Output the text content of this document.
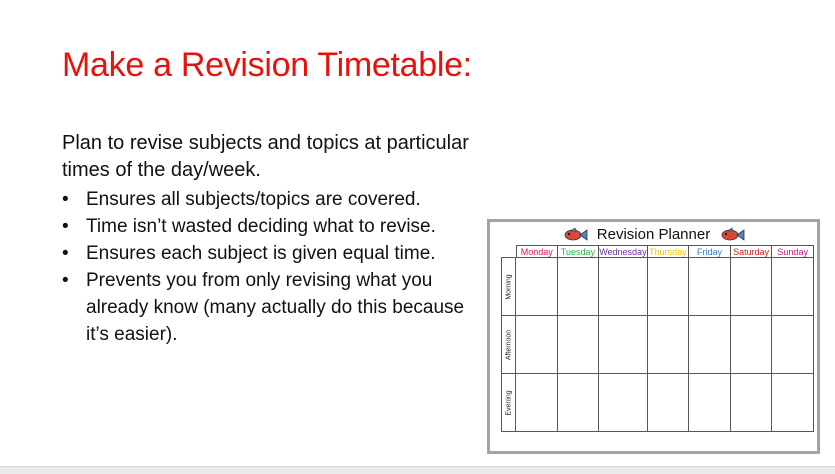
Make a Revision Timetable:

Plan to revise subjects and topics at particular times of the day/week.

• Ensures all subjects/topics are covered.
• Time isn’t wasted deciding what to revise.
• Ensures each subject is given equal time.
• Prevents you from only revising what you already know (many actually do this because it’s easier).
Revision Planner
Monday Tuesday Wednesday Thursday	Friday	Saturday Sunday
Morning
Afternoon
Evening
